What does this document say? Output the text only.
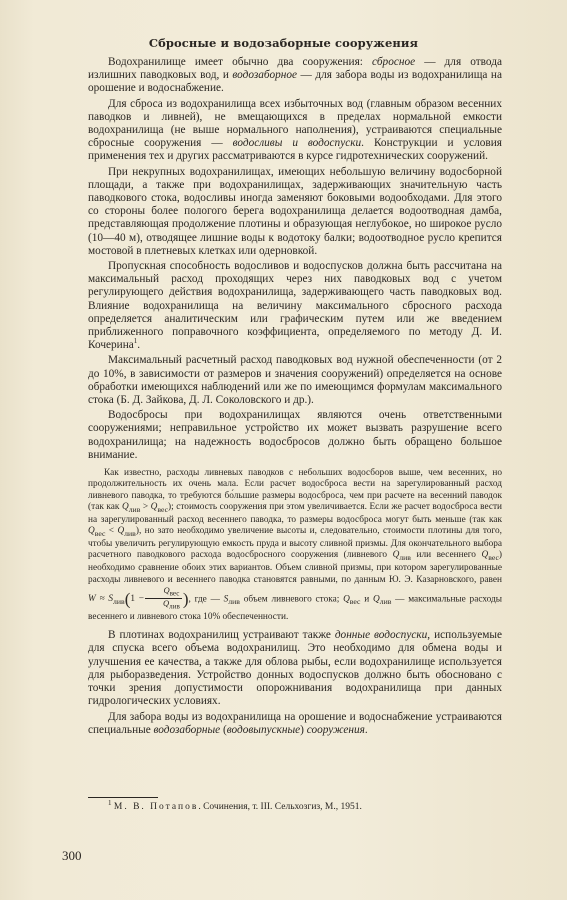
Сбросные и водозаборные сооружения

Водохранилище имеет обычно два сооружения: сбросное — для отвода излишних паводковых вод, и водозаборное — для забора воды из водохранилища на орошение и водоснабжение.

Для сброса из водохранилища всех избыточных вод (главным образом весенних паводков и ливней), не вмещающихся в пределах нормальной емкости водохранилища (не выше нормального наполнения), устраиваются специальные сбросные сооружения — водосливы и водоспуски. Конструкции и условия применения тех и других рассматриваются в курсе гидротехнических сооружений.

При некрупных водохранилищах, имеющих небольшую величину водосборной площади, а также при водохранилищах, задерживающих значительную часть паводкового стока, водосливы иногда заменяют боковыми водообходами. Для этого со стороны более пологого берега водохранилища делается водоотводная дамба, представляющая продолжение плотины и образующая неглубокое, но широкое русло (10—40 м), отводящее лишние воды к водотоку балки; водоотводное русло крепится мостовой в плетневых клетках или одерновкой.

Пропускная способность водосливов и водоспусков должна быть рассчитана на максимальный расход проходящих через них паводковых вод с учетом регулирующего действия водохранилища, задерживающего часть паводковых вод. Влияние водохранилища на величину максимального сбросного расхода определяется аналитическим или графическим путем или же введением приближенного поправочного коэффициента, определяемого по методу Д. И. Кочерина$^1$.

Максимальный расчетный расход паводковых вод нужной обеспеченности (от 2 до 10%, в зависимости от размеров и значения сооружений) определяется на основе обработки имеющихся наблюдений или же по имеющимся формулам максимального стока (Б. Д. Зайкова, Д. Л. Соколовского и др.).

Водосбросы при водохранилищах являются очень ответственными сооружениями; неправильное устройство их может вызвать разрушение всего водохранилища; на надежность водосбросов должно быть обращено большое внимание.

Как известно, расходы ливневых паводков с небольших водосборов выше, чем весенних, но продолжительность их очень мала. Если расчет водосброса вести на зарегулированный расход ливневого паводка, то требуются бо́льшие размеры водосброса, чем при расчете на весенний паводок (так как $Q_{лив} > Q_{вес}$); стоимость сооружения при этом увеличивается. Если же расчет водосброса вести на зарегулированный расход весеннего паводка, то размеры водосброса могут быть меньше (так как $Q_{вес} < Q_{лив}$), но зато необходимо увеличение высоты и, следовательно, стоимости плотины для того, чтобы увеличить регулирующую емкость пруда и высоту сливной призмы. Для окончательного выбора расчетного паводкового расхода водосбросного сооружения (ливневого $Q_{лив}$ или весеннего $Q_{вес}$) необходимо сравнение обоих этих вариантов. Объем сливной призмы, при котором зарегулированные расходы ливневого и весеннего паводка становятся равными, по данным Ю. Э. Казарновского, равен $W \approx S_{лив}(1 - \frac{Q_{вес}}{Q_{лив}}$ ), где — $S_{лив}$ объем ливневого стока; $Q_{вес}$ и $Q_{лив}$ — максимальные расходы весеннего и ливневого стока 10% обеспеченности.

В плотинах водохранилищ устраивают также донные водоспуски, используемые для спуска всего объема водохранилищ. Это необходимо для обмена воды и улучшения ее качества, а также для облова рыбы, если водохранилище используется для рыборазведения. Устройство донных водоспусков должно быть обосновано с точки зрения допустимости опорожнивания водохранилища при данных гидрологических условиях.

Для забора воды из водохранилища на орошение и водоснабжение устраиваются специальные водозаборные (водовыпускные) сооружения.

$^1$ М. В. Потапов. Сочинения, т. III. Сельхозгиз, М., 1951.
300
